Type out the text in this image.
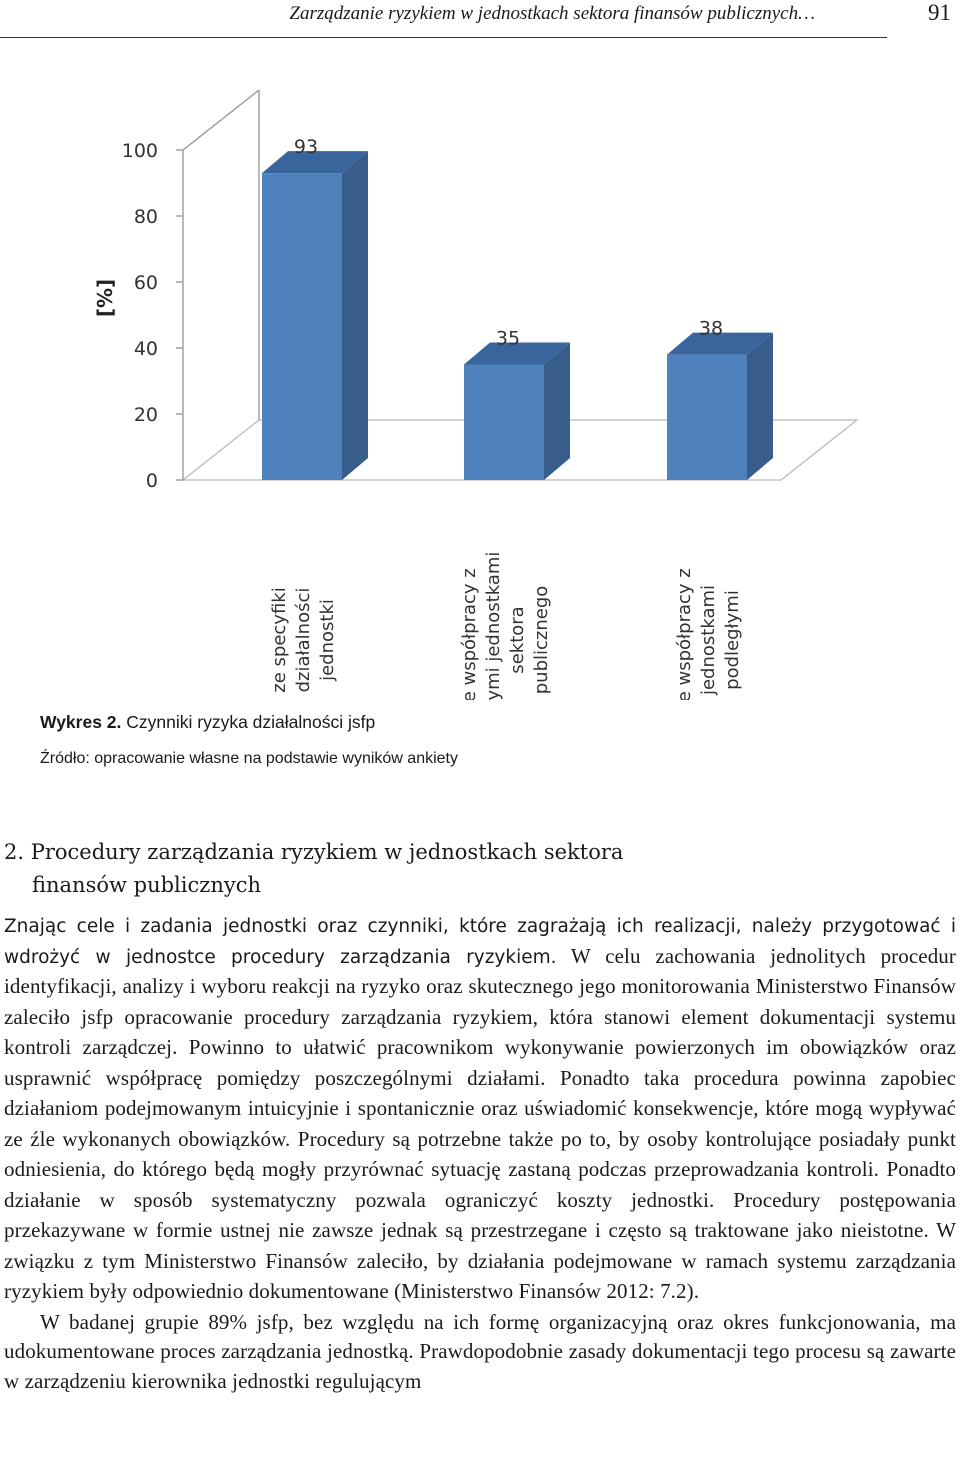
Zarządzanie ryzykiem w jednostkach sektora finansów publicznych…	91
0
20
40
60
80
100	93
ze specyfiki działalności jednostki
35
ze współpracy z innymi jednostkami sektora publicznego
38
ze współpracy z jednostkami podległymi
[%]
Wykres 2. Czynniki ryzyka działalności jsfp
Źródło: opracowanie własne na podstawie wyników ankiety
2. Procedury zarządzania ryzykiem w jednostkach sektora
finansów publicznych

Znając cele i zadania jednostki oraz czynniki, które zagrażają ich realizacji, należy przygotować i wdrożyć w jednostce procedury zarządzania ryzykiem. W celu zachowania jednolitych procedur identyfikacji, analizy i wyboru reakcji na ryzyko oraz skutecznego jego monitorowania Ministerstwo Finansów zaleciło jsfp opracowanie procedury zarządzania ryzykiem, która stanowi element dokumentacji systemu kontroli zarządczej. Powinno to ułatwić pracownikom wykonywanie powierzonych im obowiązków oraz usprawnić współpracę pomiędzy poszczególnymi działami. Ponadto taka procedura powinna zapobiec działaniom podejmowanym intuicyjnie i spontanicznie oraz uświadomić konsekwencje, które mogą wypływać ze źle wykonanych obowiązków. Procedury są potrzebne także po to, by osoby kontrolujące posiadały punkt odniesienia, do którego będą mogły przyrównać sytuację zastaną podczas przeprowadzania kontroli. Ponadto działanie w sposób systematyczny pozwala ograniczyć koszty jednostki. Procedury postępowania przekazywane w formie ustnej nie zawsze jednak są przestrzegane i często są traktowane jako nieistotne. W związku z tym Ministerstwo Finansów zaleciło, by działania podejmowane w ramach systemu zarządzania ryzykiem były odpowiednio dokumentowane (Ministerstwo Finansów 2012: 7.2).

W badanej grupie 89% jsfp, bez względu na ich formę organizacyjną oraz okres funkcjonowania, ma udokumentowane proces zarządzania jednostką. Prawdopodobnie zasady dokumentacji tego procesu są zawarte w zarządzeniu kierownika jednostki regulującym
